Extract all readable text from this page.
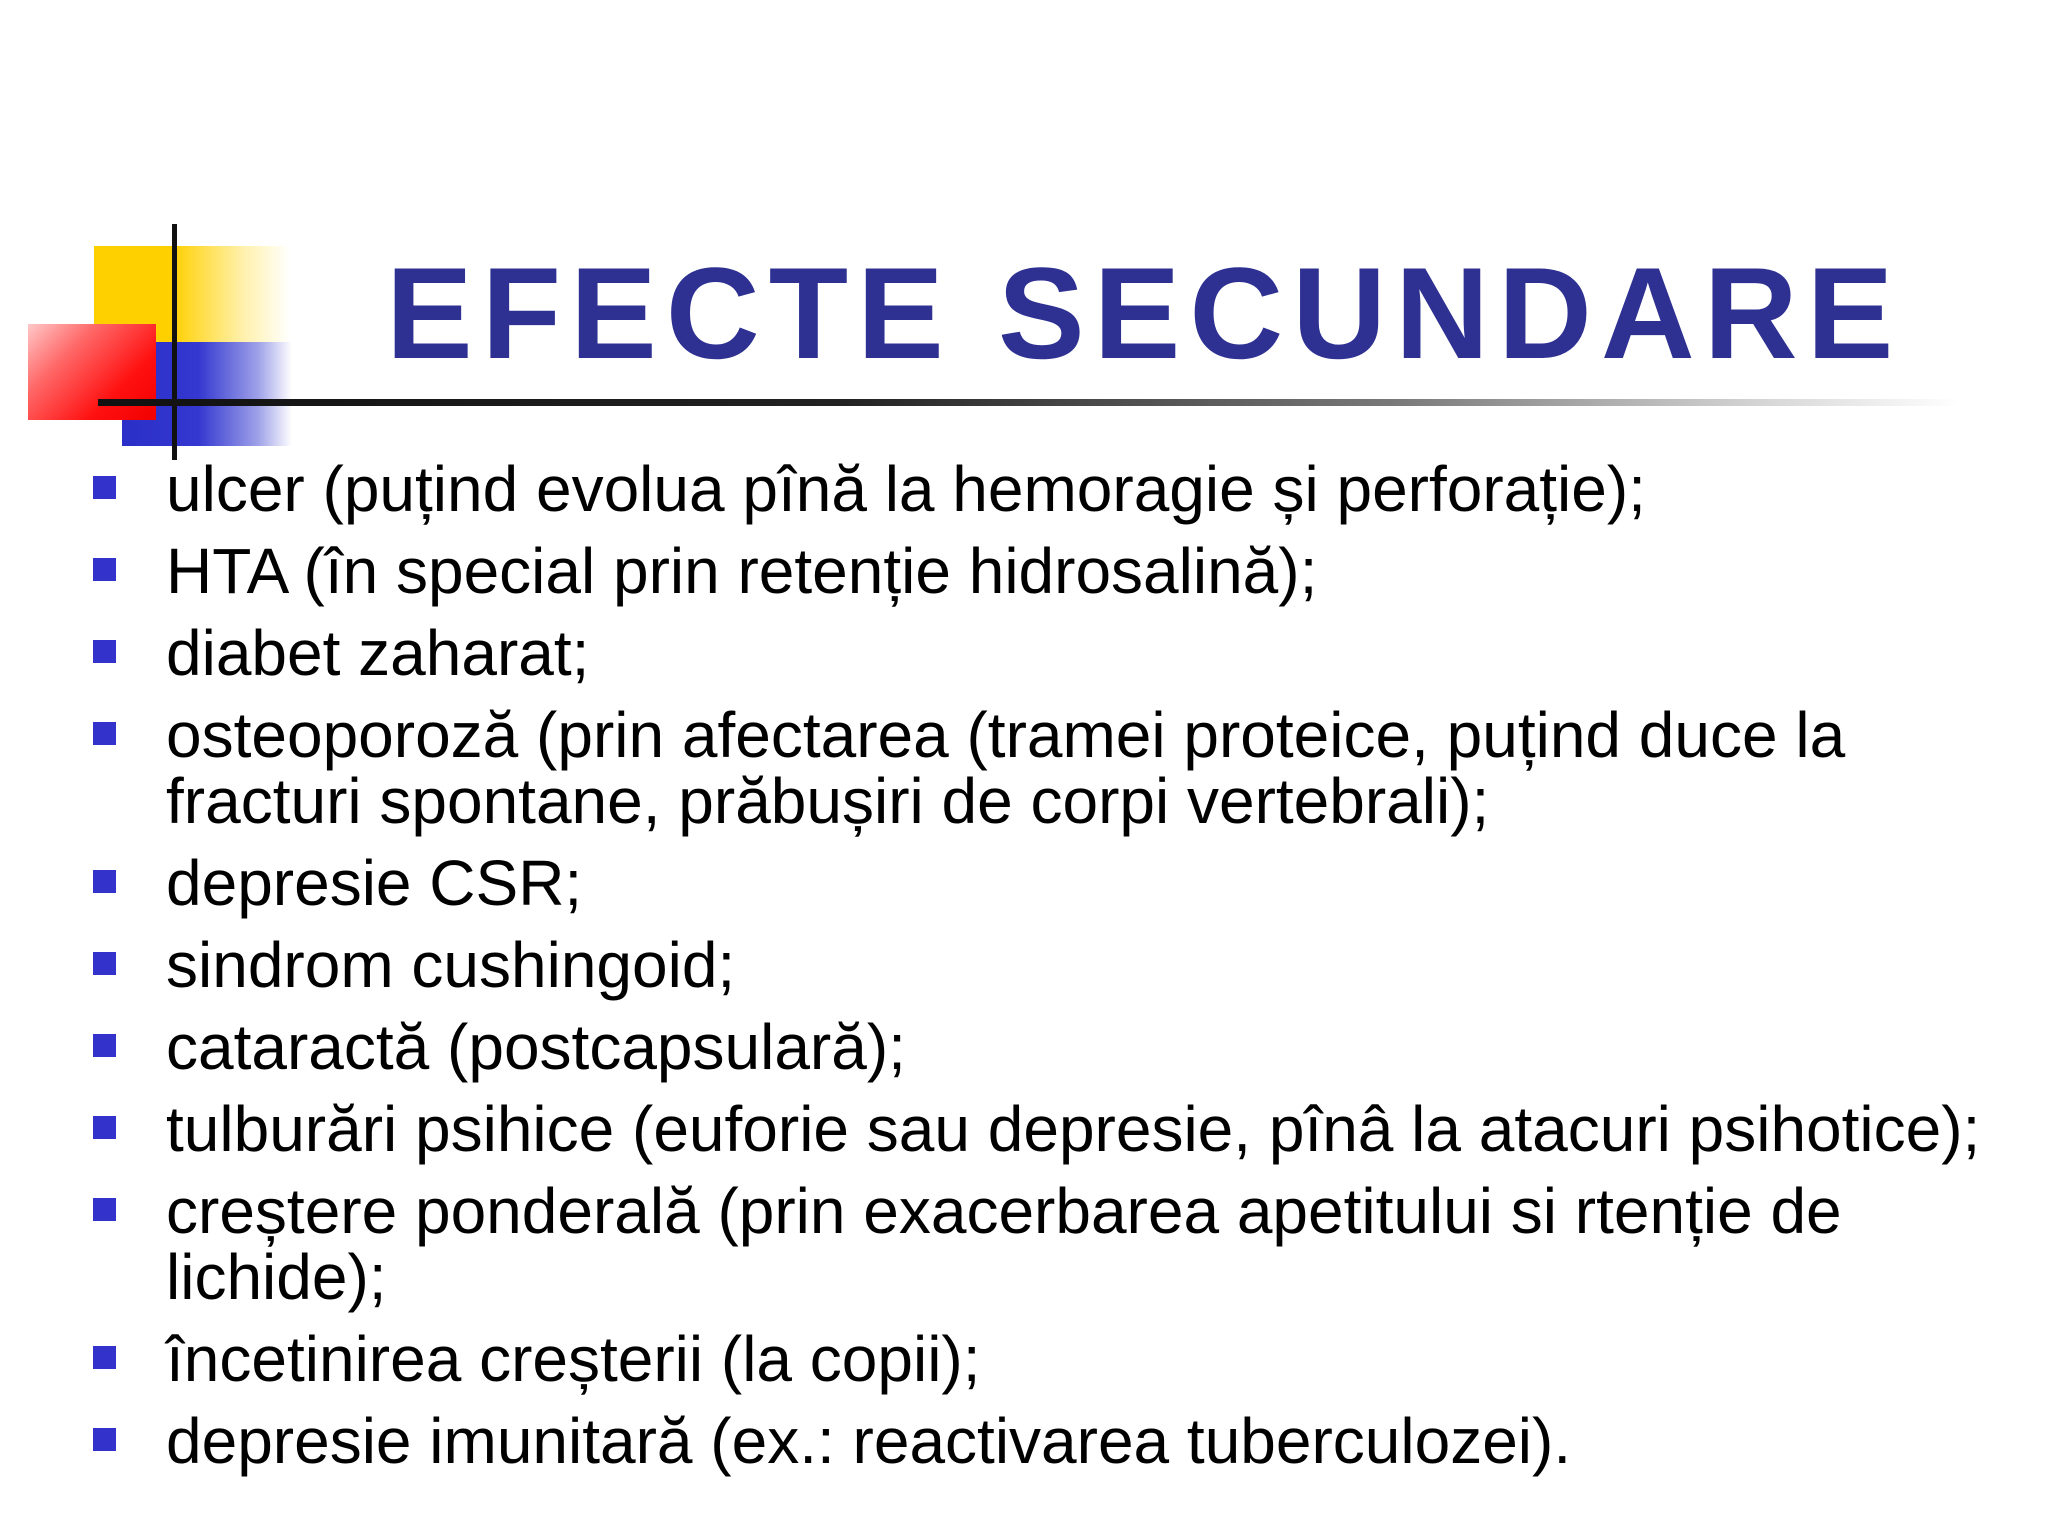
EFECTE SECUNDARE
ulcer (puțind evolua pînă la hemoragie și perforație);
HTA (în special prin retenție hidrosalină);
diabet zaharat;
osteoporoză (prin afectarea (tramei proteice, puțind duce la fracturi spontane, prăbușiri de corpi vertebrali);
depresie CSR;
sindrom cushingoid;
cataractă (postcapsulară);
tulburări psihice (euforie sau depresie, pînâ la atacuri psihotice);
creștere ponderală (prin exacerbarea apetitului si rtenție de lichide);
încetinirea creșterii (la copii);
depresie imunitară (ex.: reactivarea tuberculozei).
